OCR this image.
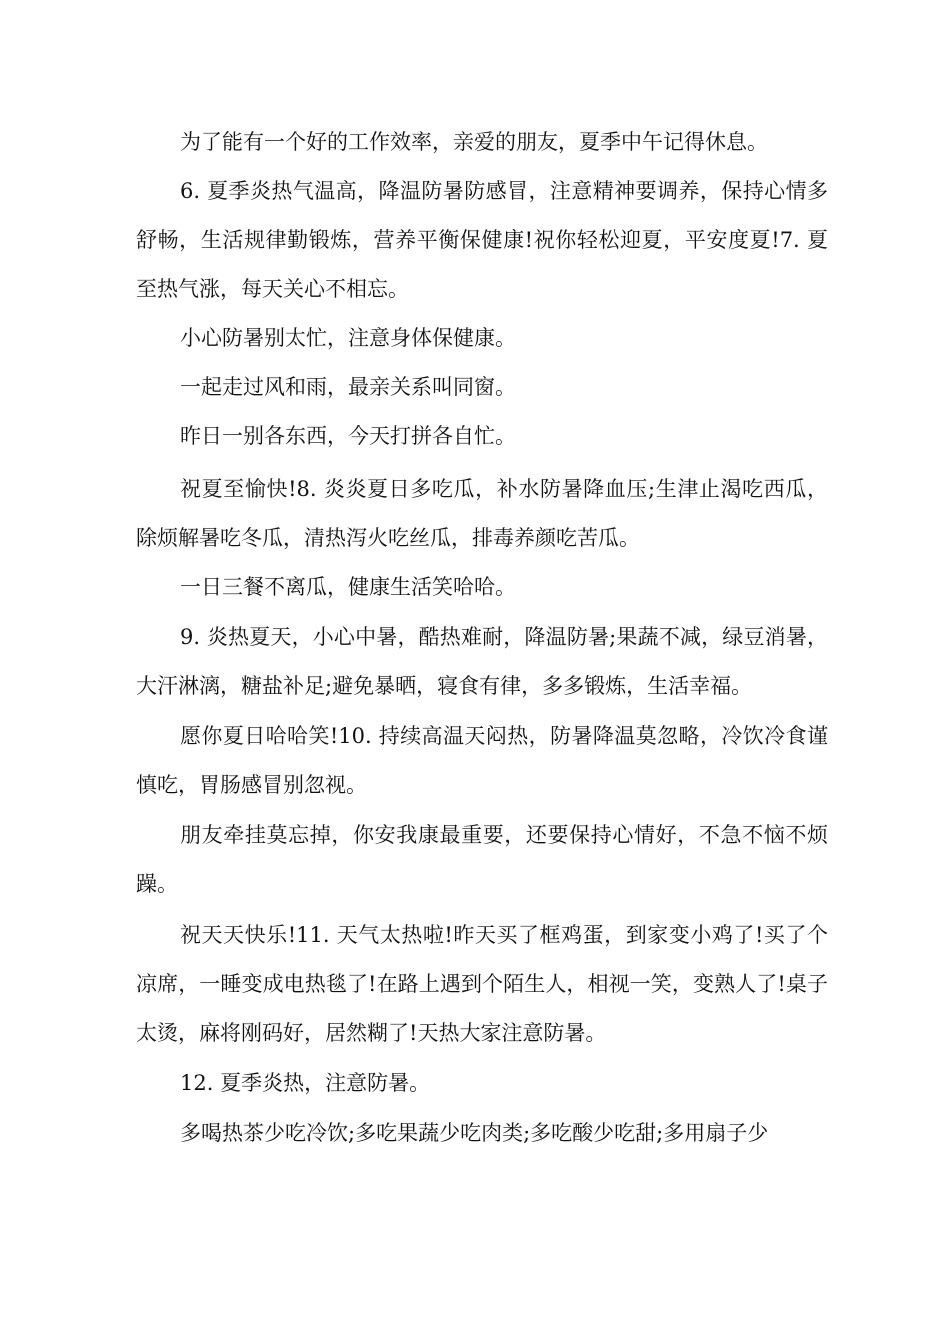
为了能有一个好的工作效率，亲爱的朋友，夏季中午记得休息。

6. 夏季炎热气温高，降温防暑防感冒，注意精神要调养，保持心情多舒畅，生活规律勤锻炼，营养平衡保健康!祝你轻松迎夏，平安度夏!7. 夏至热气涨，每天关心不相忘。

小心防暑别太忙，注意身体保健康。

一起走过风和雨，最亲关系叫同窗。

昨日一别各东西，今天打拼各自忙。

祝夏至愉快!8. 炎炎夏日多吃瓜，补水防暑降血压;生津止渴吃西瓜，除烦解暑吃冬瓜，清热泻火吃丝瓜，排毒养颜吃苦瓜。

一日三餐不离瓜，健康生活笑哈哈。

9. 炎热夏天，小心中暑，酷热难耐，降温防暑;果蔬不减，绿豆消暑，大汗淋漓，糖盐补足;避免暴晒，寝食有律，多多锻炼，生活幸福。

愿你夏日哈哈笑!10. 持续高温天闷热，防暑降温莫忽略，冷饮冷食谨慎吃，胃肠感冒别忽视。

朋友牵挂莫忘掉，你安我康最重要，还要保持心情好，不急不恼不烦躁。

祝天天快乐!11. 天气太热啦!昨天买了框鸡蛋，到家变小鸡了!买了个凉席，一睡变成电热毯了!在路上遇到个陌生人，相视一笑，变熟人了!桌子太烫，麻将刚码好，居然糊了!天热大家注意防暑。

12. 夏季炎热，注意防暑。

多喝热茶少吃冷饮;多吃果蔬少吃肉类;多吃酸少吃甜;多用扇子少
